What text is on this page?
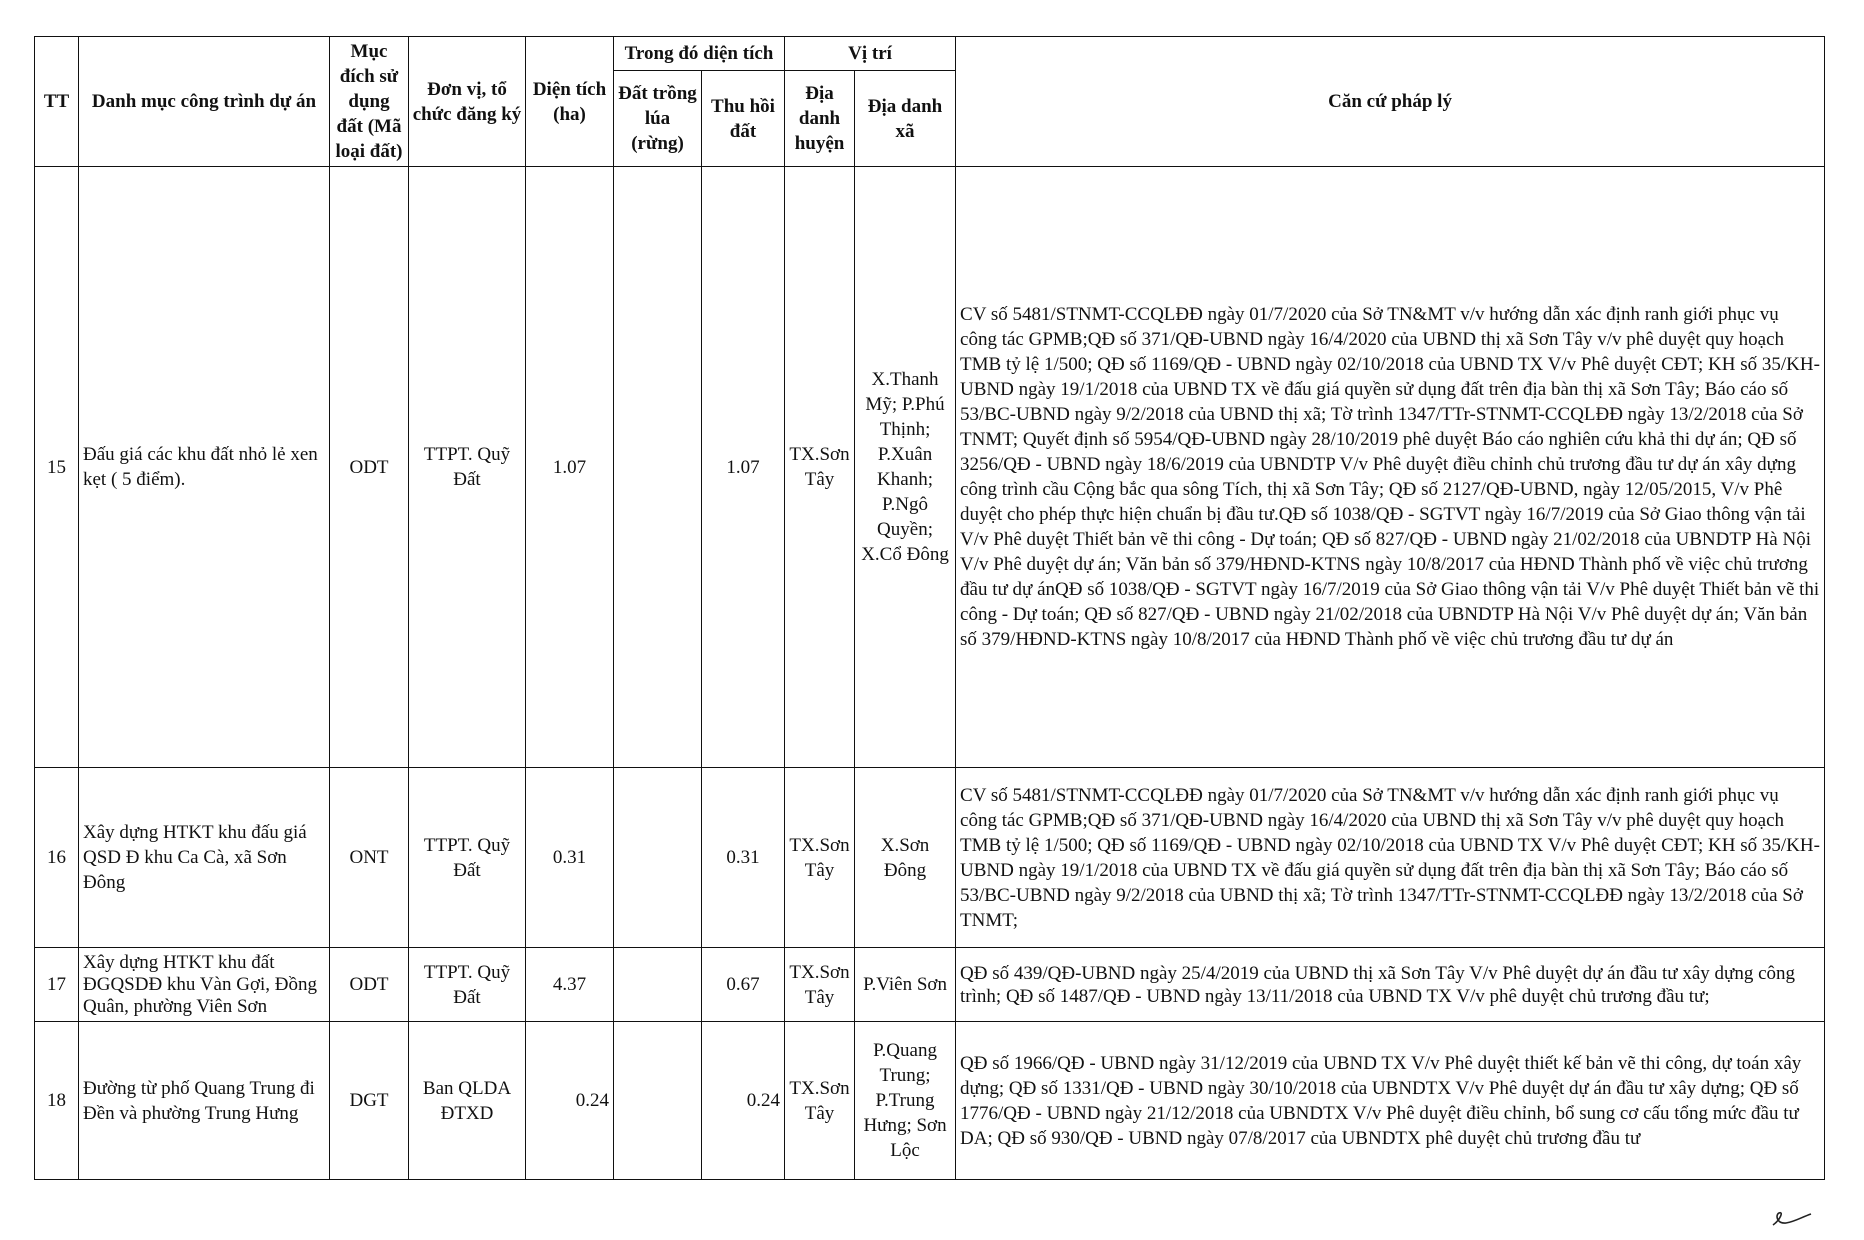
TT	Danh mục công trình dự án	Mục đích sử dụng đất (Mã loại đất)	Đơn vị, tổ chức đăng ký	Diện tích (ha)	Trong đó diện tích		Vị trí		Căn cứ pháp lý
					Đất trồng lúa (rừng)	Thu hồi đất	Địa danh huyện	Địa danh xã	
15	Đấu giá các khu đất nhỏ lẻ xen kẹt ( 5 điểm).	ODT	TTPT. Quỹ Đất	1.07		1.07	TX.Sơn Tây	X.Thanh Mỹ; P.Phú Thịnh; P.Xuân Khanh; P.Ngô Quyền; X.Cổ Đông	CV số 5481/STNMT-CCQLĐĐ ngày 01/7/2020 của Sở TN&MT v/v hướng dẫn xác định ranh giới phục vụ công tác GPMB;QĐ số 371/QĐ-UBND ngày 16/4/2020 của UBND thị xã Sơn Tây v/v phê duyệt quy hoạch TMB tỷ lệ 1/500; QĐ số 1169/QĐ - UBND ngày 02/10/2018 của UBND TX V/v Phê duyệt CĐT; KH số 35/KH-UBND ngày 19/1/2018 của UBND TX về đấu giá quyền sử dụng đất trên địa bàn thị xã Sơn Tây; Báo cáo số 53/BC-UBND ngày 9/2/2018 của UBND thị xã; Tờ trình 1347/TTr-STNMT-CCQLĐĐ ngày 13/2/2018 của Sở TNMT; Quyết định số 5954/QĐ-UBND ngày 28/10/2019 phê duyệt Báo cáo nghiên cứu khả thi dự án; QĐ số 3256/QĐ - UBND ngày 18/6/2019 của UBNDTP V/v Phê duyệt điều chỉnh chủ trương đầu tư dự án xây dựng công trình cầu Cộng bắc qua sông Tích, thị xã Sơn Tây; QĐ số 2127/QĐ-UBND, ngày 12/05/2015, V/v Phê duyệt cho phép thực hiện chuẩn bị đầu tư.QĐ số 1038/QĐ - SGTVT ngày 16/7/2019 của Sở Giao thông vận tải V/v Phê duyệt Thiết bản vẽ thi công - Dự toán; QĐ số 827/QĐ - UBND ngày 21/02/2018 của UBNDTP Hà Nội V/v Phê duyệt dự án; Văn bản số 379/HĐND-KTNS ngày 10/8/2017 của HĐND Thành phố về việc chủ trương đầu tư dự ánQĐ số 1038/QĐ - SGTVT ngày 16/7/2019 của Sở Giao thông vận tải V/v Phê duyệt Thiết bản vẽ thi công - Dự toán; QĐ số 827/QĐ - UBND ngày 21/02/2018 của UBNDTP Hà Nội V/v Phê duyệt dự án; Văn bản số 379/HĐND-KTNS ngày 10/8/2017 của HĐND Thành phố về việc chủ trương đầu tư dự án
16	Xây dựng HTKT khu đấu giá QSD Đ khu Ca Cà, xã Sơn Đông	ONT	TTPT. Quỹ Đất	0.31		0.31	TX.Sơn Tây	X.Sơn Đông	CV số 5481/STNMT-CCQLĐĐ ngày 01/7/2020 của Sở TN&MT v/v hướng dẫn xác định ranh giới phục vụ công tác GPMB;QĐ số 371/QĐ-UBND ngày 16/4/2020 của UBND thị xã Sơn Tây v/v phê duyệt quy hoạch TMB tỷ lệ 1/500; QĐ số 1169/QĐ - UBND ngày 02/10/2018 của UBND TX V/v Phê duyệt CĐT; KH số 35/KH-UBND ngày 19/1/2018 của UBND TX về đấu giá quyền sử dụng đất trên địa bàn thị xã Sơn Tây; Báo cáo số 53/BC-UBND ngày 9/2/2018 của UBND thị xã; Tờ trình 1347/TTr-STNMT-CCQLĐĐ ngày 13/2/2018 của Sở TNMT;
17	Xây dựng HTKT khu đất ĐGQSDĐ khu Vàn Gợi, Đồng Quân, phường Viên Sơn	ODT	TTPT. Quỹ Đất	4.37		0.67	TX.Sơn Tây	P.Viên Sơn	QĐ số 439/QĐ-UBND ngày 25/4/2019 của UBND thị xã Sơn Tây V/v Phê duyệt dự án đầu tư xây dựng công trình; QĐ số 1487/QĐ - UBND ngày 13/11/2018 của UBND TX V/v phê duyệt chủ trương đầu tư;
18	Đường từ phố Quang Trung đi Đền và phường Trung Hưng	DGT	Ban QLDA ĐTXD	0.24		0.24	TX.Sơn Tây	P.Quang Trung; P.Trung Hưng; Sơn Lộc	QĐ số 1966/QĐ - UBND ngày 31/12/2019 của UBND TX V/v Phê duyệt thiết kế bản vẽ thi công, dự toán xây dựng; QĐ số 1331/QĐ - UBND ngày 30/10/2018 của UBNDTX V/v Phê duyệt dự án đầu tư xây dựng; QĐ số 1776/QĐ - UBND ngày 21/12/2018 của UBNDTX V/v Phê duyệt điều chỉnh, bổ sung cơ cấu tổng mức đầu tư DA; QĐ số 930/QĐ - UBND ngày 07/8/2017 của UBNDTX phê duyệt chủ trương đầu tư
